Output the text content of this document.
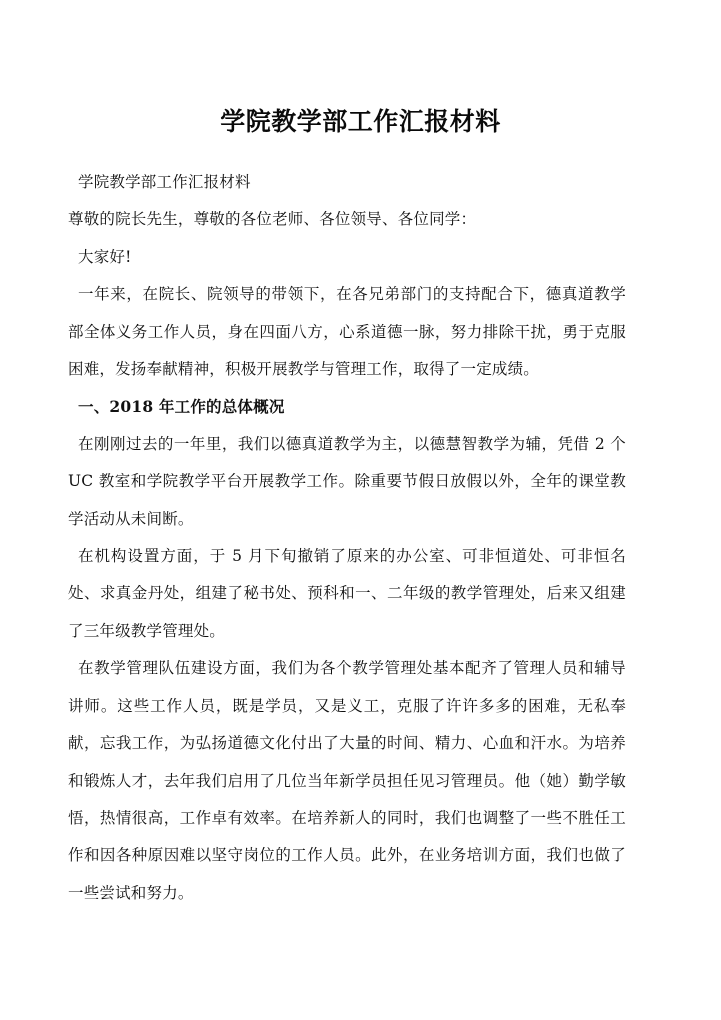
学院教学部工作汇报材料

学院教学部工作汇报材料

尊敬的院长先生，尊敬的各位老师、各位领导、各位同学：

大家好!

一年来，在院长、院领导的带领下，在各兄弟部门的支持配合下，德真道教学部全体义务工作人员，身在四面八方，心系道德一脉，努力排除干扰，勇于克服困难，发扬奉献精神，积极开展教学与管理工作，取得了一定成绩。

一、2018 年工作的总体概况

在刚刚过去的一年里，我们以德真道教学为主，以德慧智教学为辅，凭借 2 个 UC 教室和学院教学平台开展教学工作。除重要节假日放假以外，全年的课堂教学活动从未间断。

在机构设置方面，于 5 月下旬撤销了原来的办公室、可非恒道处、可非恒名处、求真金丹处，组建了秘书处、预科和一、二年级的教学管理处，后来又组建了三年级教学管理处。

在教学管理队伍建设方面，我们为各个教学管理处基本配齐了管理人员和辅导讲师。这些工作人员，既是学员，又是义工，克服了许许多多的困难，无私奉献，忘我工作，为弘扬道德文化付出了大量的时间、精力、心血和汗水。为培养和锻炼人才，去年我们启用了几位当年新学员担任见习管理员。他（她）勤学敏悟，热情很高，工作卓有效率。在培养新人的同时，我们也调整了一些不胜任工作和因各种原因难以坚守岗位的工作人员。此外，在业务培训方面，我们也做了一些尝试和努力。
